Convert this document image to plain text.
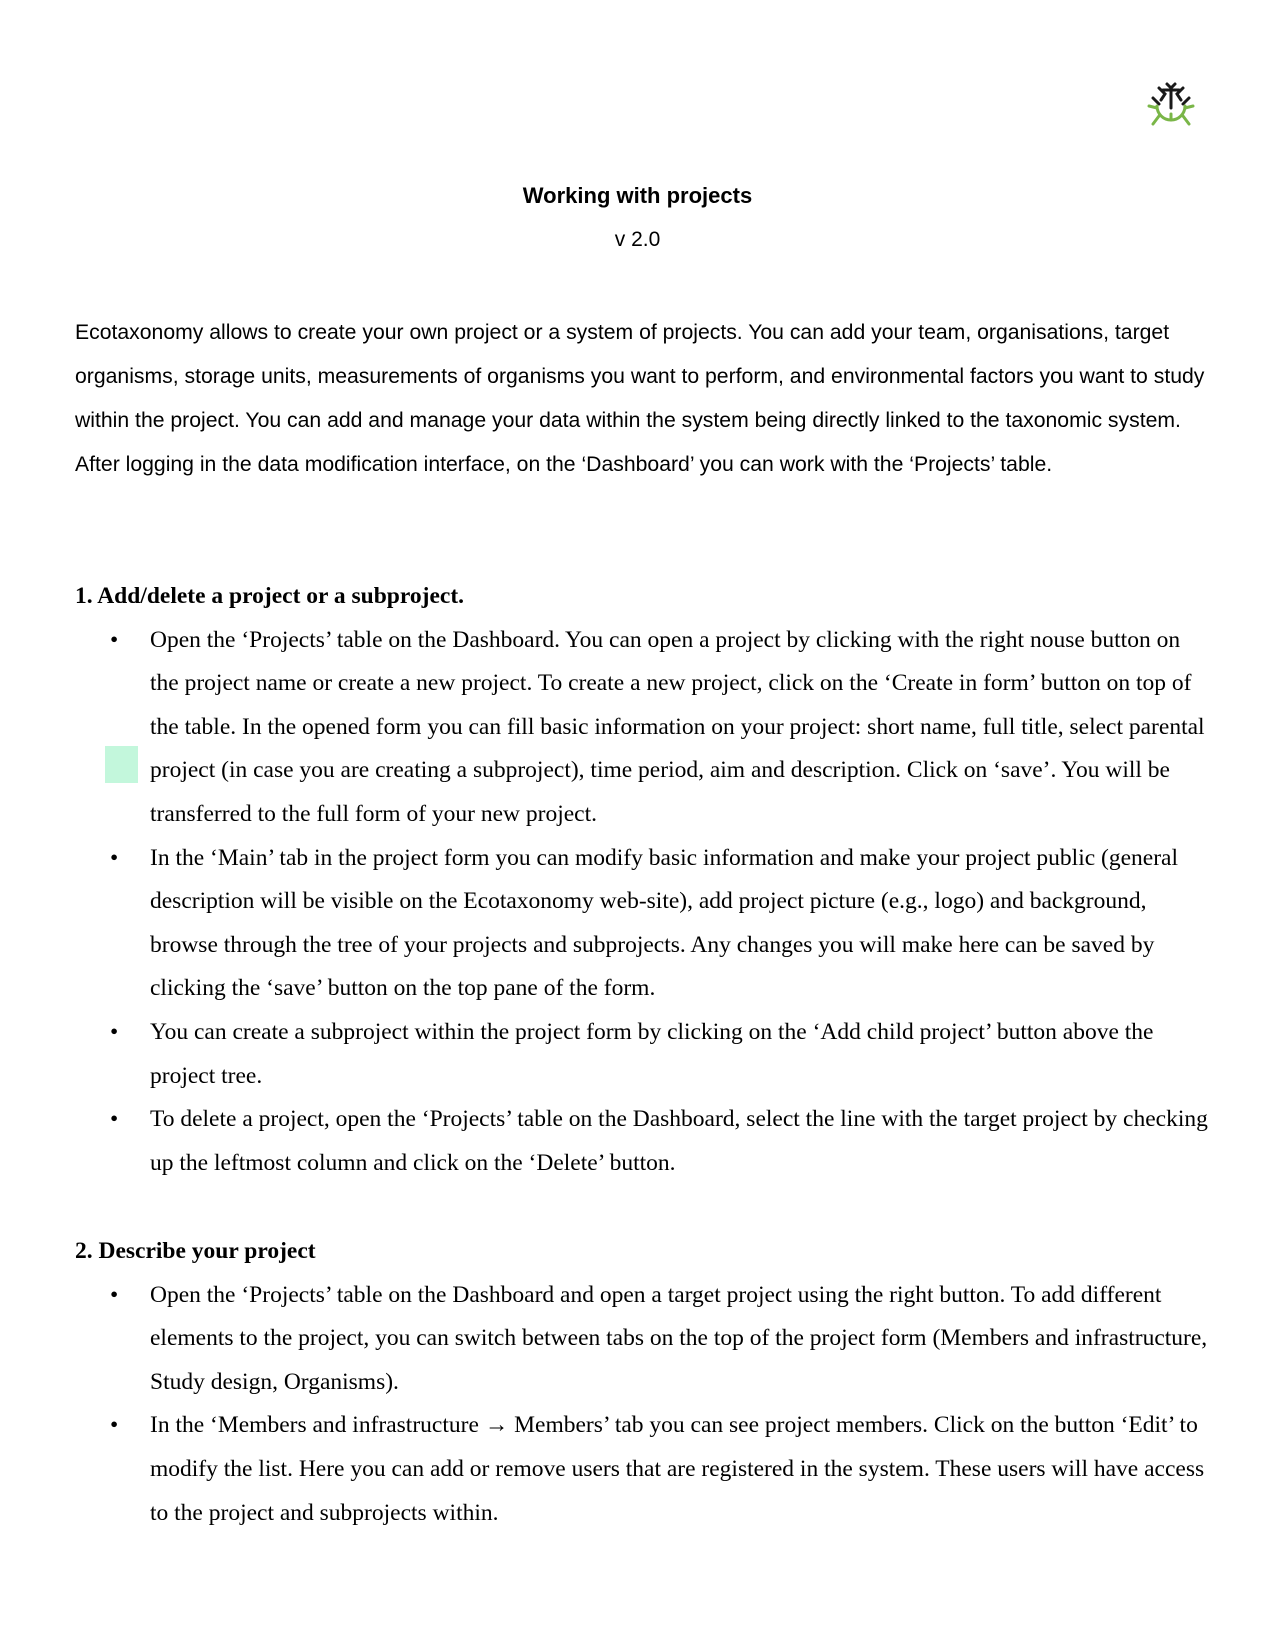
Working with projects
v 2.0

Ecotaxonomy allows to create your own project or a system of projects. You can add your team, organisations, target organisms, storage units, measurements of organisms you want to perform, and environmental factors you want to study within the project. You can add and manage your data within the system being directly linked to the taxonomic system. After logging in the data modification interface, on the ‘Dashboard’ you can work with the ‘Projects’ table.

1. Add/delete a project or a subproject.
• Open the ‘Projects’ table on the Dashboard. You can open a project by clicking with the right nouse button on the project name or create a new project. To create a new project, click on the ‘Create in form’ button on top of the table. In the opened form you can fill basic information on your project: short name, full title, select parental project (in case you are creating a subproject), time period, aim and description. Click on ‘save’. You will be transferred to the full form of your new project.
• In the ‘Main’ tab in the project form you can modify basic information and make your project public (general description will be visible on the Ecotaxonomy web-site), add project picture (e.g., logo) and background, browse through the tree of your projects and subprojects. Any changes you will make here can be saved by clicking the ‘save’ button on the top pane of the form.
• You can create a subproject within the project form by clicking on the ‘Add child project’ button above the project tree.
• To delete a project, open the ‘Projects’ table on the Dashboard, select the line with the target project by checking up the leftmost column and click on the ‘Delete’ button.
2. Describe your project
• Open the ‘Projects’ table on the Dashboard and open a target project using the right button. To add different elements to the project, you can switch between tabs on the top of the project form (Members and infrastructure, Study design, Organisms).
• In the ‘Members and infrastructure → Members’ tab you can see project members. Click on the button ‘Edit’ to modify the list. Here you can add or remove users that are registered in the system. These users will have access to the project and subprojects within.
